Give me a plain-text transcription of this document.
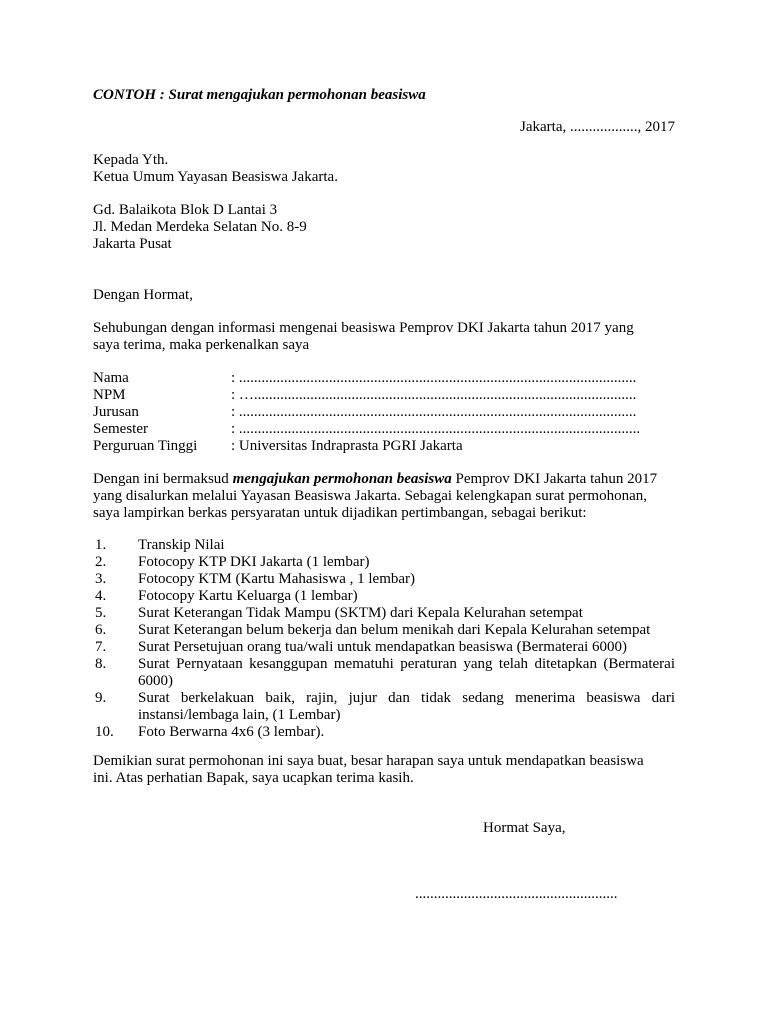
CONTOH : Surat mengajukan permohonan beasiswa
Jakarta, .................., 2017
Kepada Yth.
Ketua Umum Yayasan Beasiswa Jakarta.
Gd. Balaikota Blok D Lantai 3
Jl. Medan Merdeka Selatan No. 8-9
Jakarta Pusat
Dengan Hormat,
Sehubungan dengan informasi mengenai beasiswa Pemprov DKI Jakarta tahun 2017 yang
saya terima, maka perkenalkan saya
Nama	: ..........................................................................................................
NPM	: …......................................................................................................
Jurusan	: ..........................................................................................................
Semester	: ...........................................................................................................
Perguruan Tinggi	: Universitas Indraprasta PGRI Jakarta
Dengan ini bermaksud mengajukan permohonan beasiswa Pemprov DKI Jakarta tahun 2017
yang disalurkan melalui Yayasan Beasiswa Jakarta. Sebagai kelengkapan surat permohonan,
saya lampirkan berkas persyaratan untuk dijadikan pertimbangan, sebagai berikut:
1.	Transkip Nilai
2.	Fotocopy KTP DKI Jakarta (1 lembar)
3.	Fotocopy KTM (Kartu Mahasiswa , 1 lembar)
4.	Fotocopy Kartu Keluarga (1 lembar)
5.	Surat Keterangan Tidak Mampu (SKTM) dari Kepala Kelurahan setempat
6.	Surat Keterangan belum bekerja dan belum menikah dari Kepala Kelurahan setempat
7.	Surat Persetujuan orang tua/wali untuk mendapatkan beasiswa (Bermaterai 6000)
8.	Surat Pernyataan kesanggupan mematuhi peraturan yang telah ditetapkan (Bermaterai 6000)
9.	Surat berkelakuan baik, rajin, jujur dan tidak sedang menerima beasiswa dari instansi/lembaga lain, (1 Lembar)
10.	Foto Berwarna 4x6 (3 lembar).
Demikian surat permohonan ini saya buat, besar harapan saya untuk mendapatkan beasiswa
ini. Atas perhatian Bapak, saya ucapkan terima kasih.
Hormat Saya,
......................................................
